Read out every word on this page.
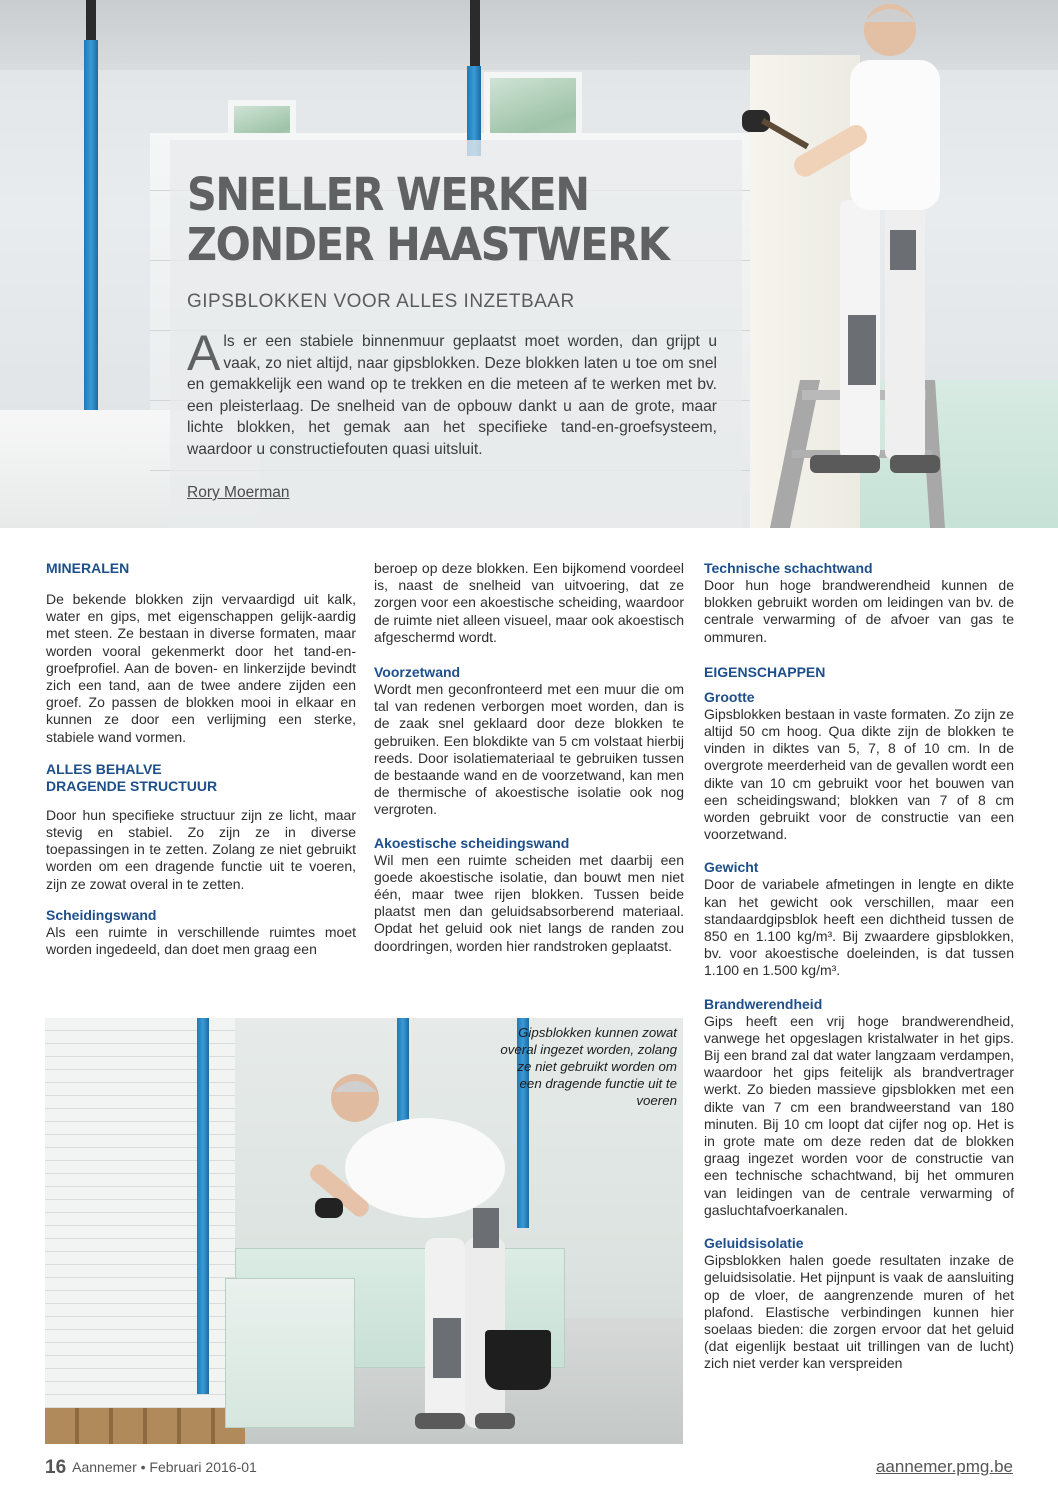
SNELLER WERKEN
ZONDER HAASTWERK
GIPSBLOKKEN VOOR ALLES INZETBAAR
Als er een stabiele binnenmuur geplaatst moet worden, dan grijpt u vaak, zo niet altijd, naar gipsblokken. Deze blokken laten u toe om snel en gemakkelijk een wand op te trekken en die meteen af te werken met bv. een pleisterlaag. De snelheid van de opbouw dankt u aan de grote, maar lichte blokken, het gemak aan het specifieke tand-en-groefsysteem, waardoor u constructiefouten quasi uitsluit.
Rory Moerman
MINERALEN

De bekende blokken zijn vervaardigd uit kalk, water en gips, met eigenschappen gelijk-aardig met steen. Ze bestaan in diverse formaten, maar worden vooral gekenmerkt door het tand-en-groefprofiel. Aan de boven- en linkerzijde bevindt zich een tand, aan de twee andere zijden een groef. Zo passen de blokken mooi in elkaar en kunnen ze door een verlijming een sterke, stabiele wand vormen.

ALLES BEHALVE
DRAGENDE STRUCTUUR

Door hun specifieke structuur zijn ze licht, maar stevig en stabiel. Zo zijn ze in diverse toepassingen in te zetten. Zolang ze niet gebruikt worden om een dragende functie uit te voeren, zijn ze zowat overal in te zetten.

Scheidingswand

Als een ruimte in verschillende ruimtes moet worden ingedeeld, dan doet men graag een

beroep op deze blokken. Een bijkomend voordeel is, naast de snelheid van uitvoering, dat ze zorgen voor een akoestische scheiding, waardoor de ruimte niet alleen visueel, maar ook akoestisch afgeschermd wordt.

Voorzetwand

Wordt men geconfronteerd met een muur die om tal van redenen verborgen moet worden, dan is de zaak snel geklaard door deze blokken te gebruiken. Een blokdikte van 5 cm volstaat hierbij reeds. Door isolatiemateriaal te gebruiken tussen de bestaande wand en de voorzetwand, kan men de thermische of akoestische isolatie ook nog vergroten.

Akoestische scheidingswand

Wil men een ruimte scheiden met daarbij een goede akoestische isolatie, dan bouwt men niet één, maar twee rijen blokken. Tussen beide plaatst men dan geluidsabsorberend materiaal. Opdat het geluid ook niet langs de randen zou doordringen, worden hier randstroken geplaatst.

Technische schachtwand

Door hun hoge brandwerendheid kunnen de blokken gebruikt worden om leidingen van bv. de centrale verwarming of de afvoer van gas te ommuren.

EIGENSCHAPPEN
Grootte

Gipsblokken bestaan in vaste formaten. Zo zijn ze altijd 50 cm hoog. Qua dikte zijn de blokken te vinden in diktes van 5, 7, 8 of 10 cm. In de overgrote meerderheid van de gevallen wordt een dikte van 10 cm gebruikt voor het bouwen van een scheidingswand; blokken van 7 of 8 cm worden gebruikt voor de constructie van een voorzetwand.

Gewicht

Door de variabele afmetingen in lengte en dikte kan het gewicht ook verschillen, maar een standaardgipsblok heeft een dichtheid tussen de 850 en 1.100 kg/m³. Bij zwaardere gipsblokken, bv. voor akoestische doeleinden, is dat tussen 1.100 en 1.500 kg/m³.

Brandwerendheid

Gips heeft een vrij hoge brandwerendheid, vanwege het opgeslagen kristalwater in het gips. Bij een brand zal dat water langzaam verdampen, waardoor het gips feitelijk als brandvertrager werkt. Zo bieden massieve gipsblokken met een dikte van 7 cm een brandweerstand van 180 minuten. Bij 10 cm loopt dat cijfer nog op. Het is in grote mate om deze reden dat de blokken graag ingezet worden voor de constructie van een technische schachtwand, bij het ommuren van leidingen van de centrale verwarming of gasluchtafvoerkanalen.

Geluidsisolatie

Gipsblokken halen goede resultaten inzake de geluidsisolatie. Het pijnpunt is vaak de aansluiting op de vloer, de aangrenzende muren of het plafond. Elastische verbindingen kunnen hier soelaas bieden: die zorgen ervoor dat het geluid (dat eigenlijk bestaat uit trillingen van de lucht) zich niet verder kan verspreiden

Gipsblokken kunnen zowat overal ingezet worden, zolang ze niet gebruikt worden om een dragende functie uit te voeren
16 Aannemer • Februari 2016-01	aannemer.pmg.be
